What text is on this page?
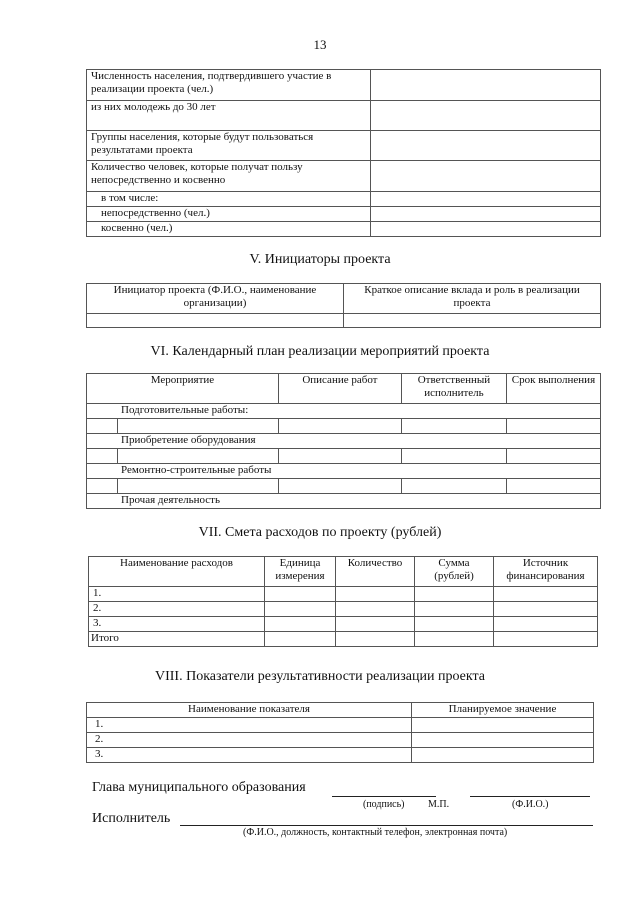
13
Численность населения, подтвердившего участие в реализации проекта (чел.)	
из них молодежь до 30 лет	
Группы населения, которые будут пользоваться результатами проекта	
Количество человек, которые получат пользу непосредственно и косвенно	
в том числе:	
непосредственно (чел.)	
косвенно (чел.)	
V. Инициаторы проекта
Инициатор проекта (Ф.И.О., наименование организации)	Краткое описание вклада и роль в реализации проекта

VI. Календарный план реализации мероприятий проекта
Мероприятие		Описание работ	Ответственный исполнитель	Срок выполнения
Подготовительные работы:				

Приобретение оборудования				

Ремонтно-строительные работы				

Прочая деятельность				
VII. Смета расходов по проекту (рублей)
Наименование расходов	Единица измерения	Количество	Сумма (рублей)	Источник финансирования
1.				
2.				
3.				
Итого				
VIII. Показатели результативности реализации проекта
Наименование показателя	Планируемое значение
1.	
2.	
3.	
Глава муниципального образования
(подпись) М.П.	(Ф.И.О.)
Исполнитель
(Ф.И.О., должность, контактный телефон, электронная почта)
